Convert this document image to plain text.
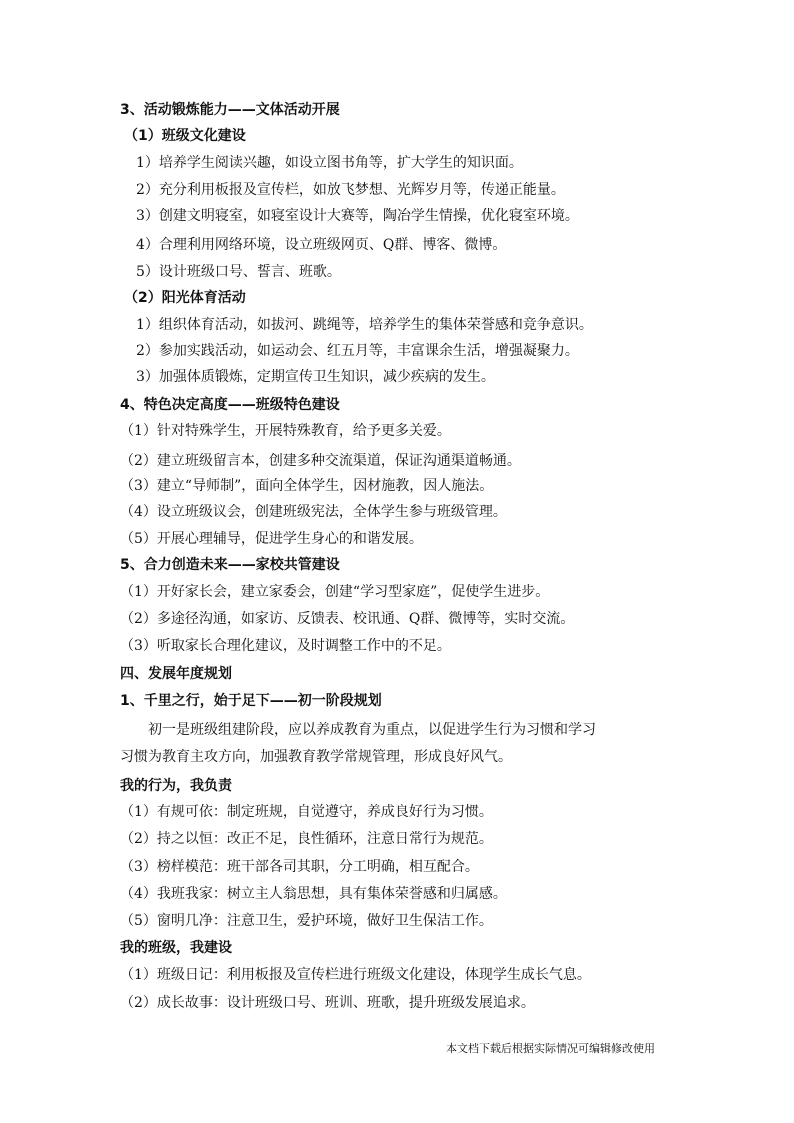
3、活动锻炼能力——文体活动开展
（1）班级文化建设
1）培养学生阅读兴趣，如设立图书角等，扩大学生的知识面。
2）充分利用板报及宣传栏，如放飞梦想、光辉岁月等，传递正能量。
3）创建文明寝室，如寝室设计大赛等，陶冶学生情操，优化寝室环境。
4）合理利用网络环境，设立班级网页、Q群、博客、微博。
5）设计班级口号、誓言、班歌。
（2）阳光体育活动
1）组织体育活动，如拔河、跳绳等，培养学生的集体荣誉感和竞争意识。
2）参加实践活动，如运动会、红五月等，丰富课余生活，增强凝聚力。
3）加强体质锻炼，定期宣传卫生知识，减少疾病的发生。
4、特色决定高度——班级特色建设
（1）针对特殊学生，开展特殊教育，给予更多关爱。
（2）建立班级留言本，创建多种交流渠道，保证沟通渠道畅通。
（3）建立“导师制”，面向全体学生，因材施教，因人施法。
（4）设立班级议会，创建班级宪法，全体学生参与班级管理。
（5）开展心理辅导，促进学生身心的和谐发展。
5、合力创造未来——家校共管建设
（1）开好家长会，建立家委会，创建“学习型家庭”，促使学生进步。
（2）多途径沟通，如家访、反馈表、校讯通、Q群、微博等，实时交流。
（3）听取家长合理化建议，及时调整工作中的不足。
四、发展年度规划
1、千里之行，始于足下——初一阶段规划
初一是班级组建阶段，应以养成教育为重点，以促进学生行为习惯和学习
习惯为教育主攻方向，加强教育教学常规管理，形成良好风气。
我的行为，我负责
（1）有规可依：制定班规，自觉遵守，养成良好行为习惯。
（2）持之以恒：改正不足，良性循环，注意日常行为规范。
（3）榜样模范：班干部各司其职，分工明确，相互配合。
（4）我班我家：树立主人翁思想，具有集体荣誉感和归属感。
（5）窗明几净：注意卫生，爱护环境，做好卫生保洁工作。
我的班级，我建设
（1）班级日记：利用板报及宣传栏进行班级文化建设，体现学生成长气息。
（2）成长故事：设计班级口号、班训、班歌，提升班级发展追求。
本文档下载后根据实际情况可编辑修改使用
